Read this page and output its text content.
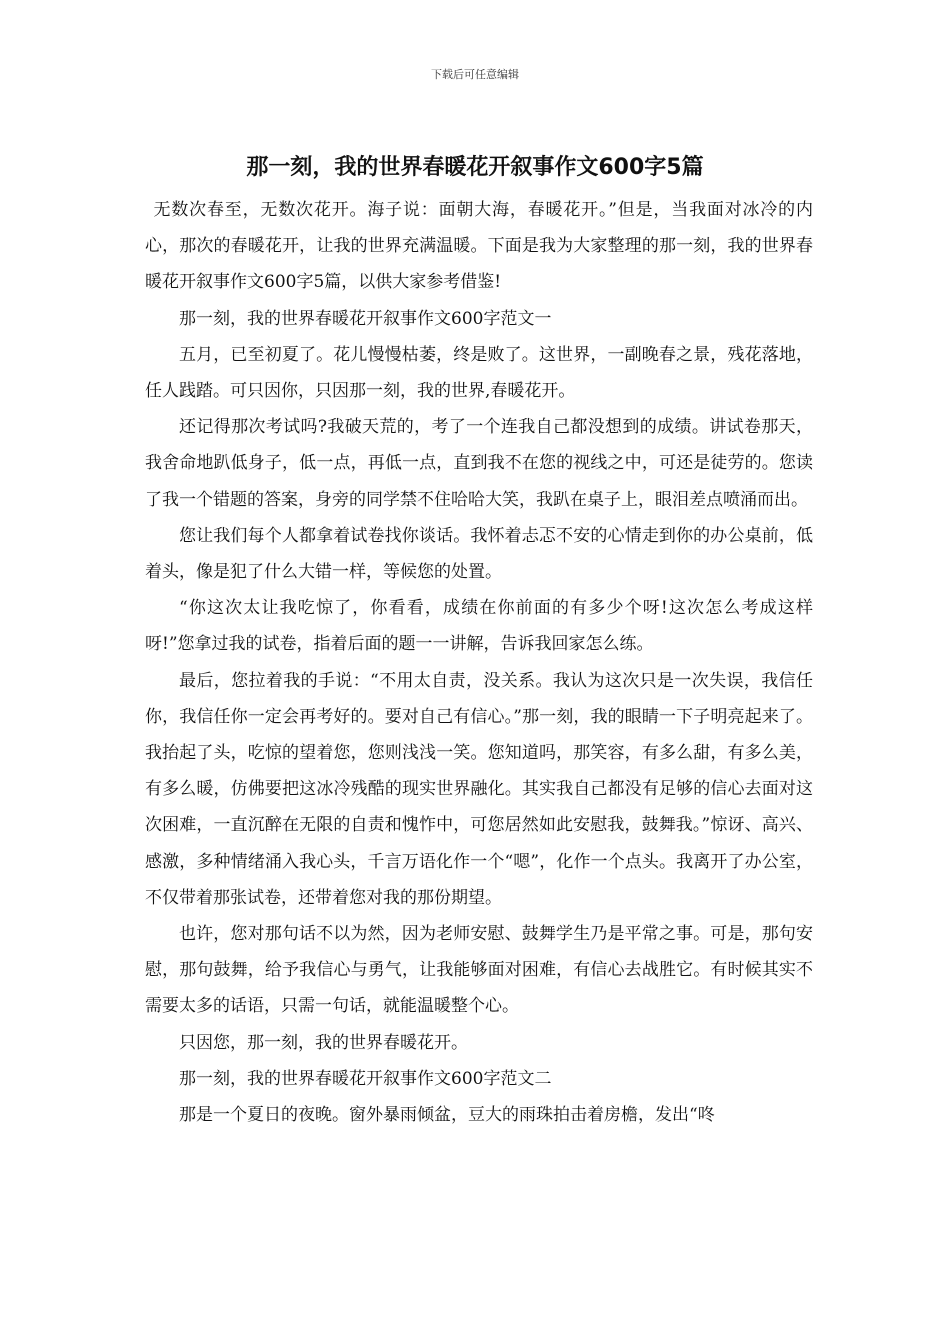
下载后可任意编辑
那一刻，我的世界春暖花开叙事作文600字5篇

无数次春至，无数次花开。海子说：面朝大海，春暖花开。”但是，当我面对冰冷的内心，那次的春暖花开，让我的世界充满温暖。下面是我为大家整理的那一刻，我的世界春暖花开叙事作文600字5篇，以供大家参考借鉴!

那一刻，我的世界春暖花开叙事作文600字范文一

五月，已至初夏了。花儿慢慢枯萎，终是败了。这世界，一副晚春之景，残花落地，任人践踏。可只因你，只因那一刻，我的世界,春暖花开。

还记得那次考试吗?我破天荒的，考了一个连我自己都没想到的成绩。讲试卷那天，我舍命地趴低身子，低一点，再低一点，直到我不在您的视线之中，可还是徒劳的。您读了我一个错题的答案，身旁的同学禁不住哈哈大笑，我趴在桌子上，眼泪差点喷涌而出。

您让我们每个人都拿着试卷找你谈话。我怀着忐忑不安的心情走到你的办公桌前，低着头，像是犯了什么大错一样，等候您的处置。

“你这次太让我吃惊了，你看看，成绩在你前面的有多少个呀!这次怎么考成这样呀!”您拿过我的试卷，指着后面的题一一讲解，告诉我回家怎么练。

最后，您拉着我的手说：“不用太自责，没关系。我认为这次只是一次失误，我信任你，我信任你一定会再考好的。要对自己有信心。”那一刻，我的眼睛一下子明亮起来了。我抬起了头，吃惊的望着您，您则浅浅一笑。您知道吗，那笑容，有多么甜，有多么美，有多么暖，仿佛要把这冰冷残酷的现实世界融化。其实我自己都没有足够的信心去面对这次困难，一直沉醉在无限的自责和愧怍中，可您居然如此安慰我，鼓舞我。”惊讶、高兴、感激，多种情绪涌入我心头，千言万语化作一个“嗯”，化作一个点头。我离开了办公室，不仅带着那张试卷，还带着您对我的那份期望。

也许，您对那句话不以为然，因为老师安慰、鼓舞学生乃是平常之事。可是，那句安慰，那句鼓舞，给予我信心与勇气，让我能够面对困难，有信心去战胜它。有时候其实不需要太多的话语，只需一句话，就能温暖整个心。

只因您，那一刻，我的世界春暖花开。

那一刻，我的世界春暖花开叙事作文600字范文二

那是一个夏日的夜晚。窗外暴雨倾盆，豆大的雨珠拍击着房檐，发出“咚
